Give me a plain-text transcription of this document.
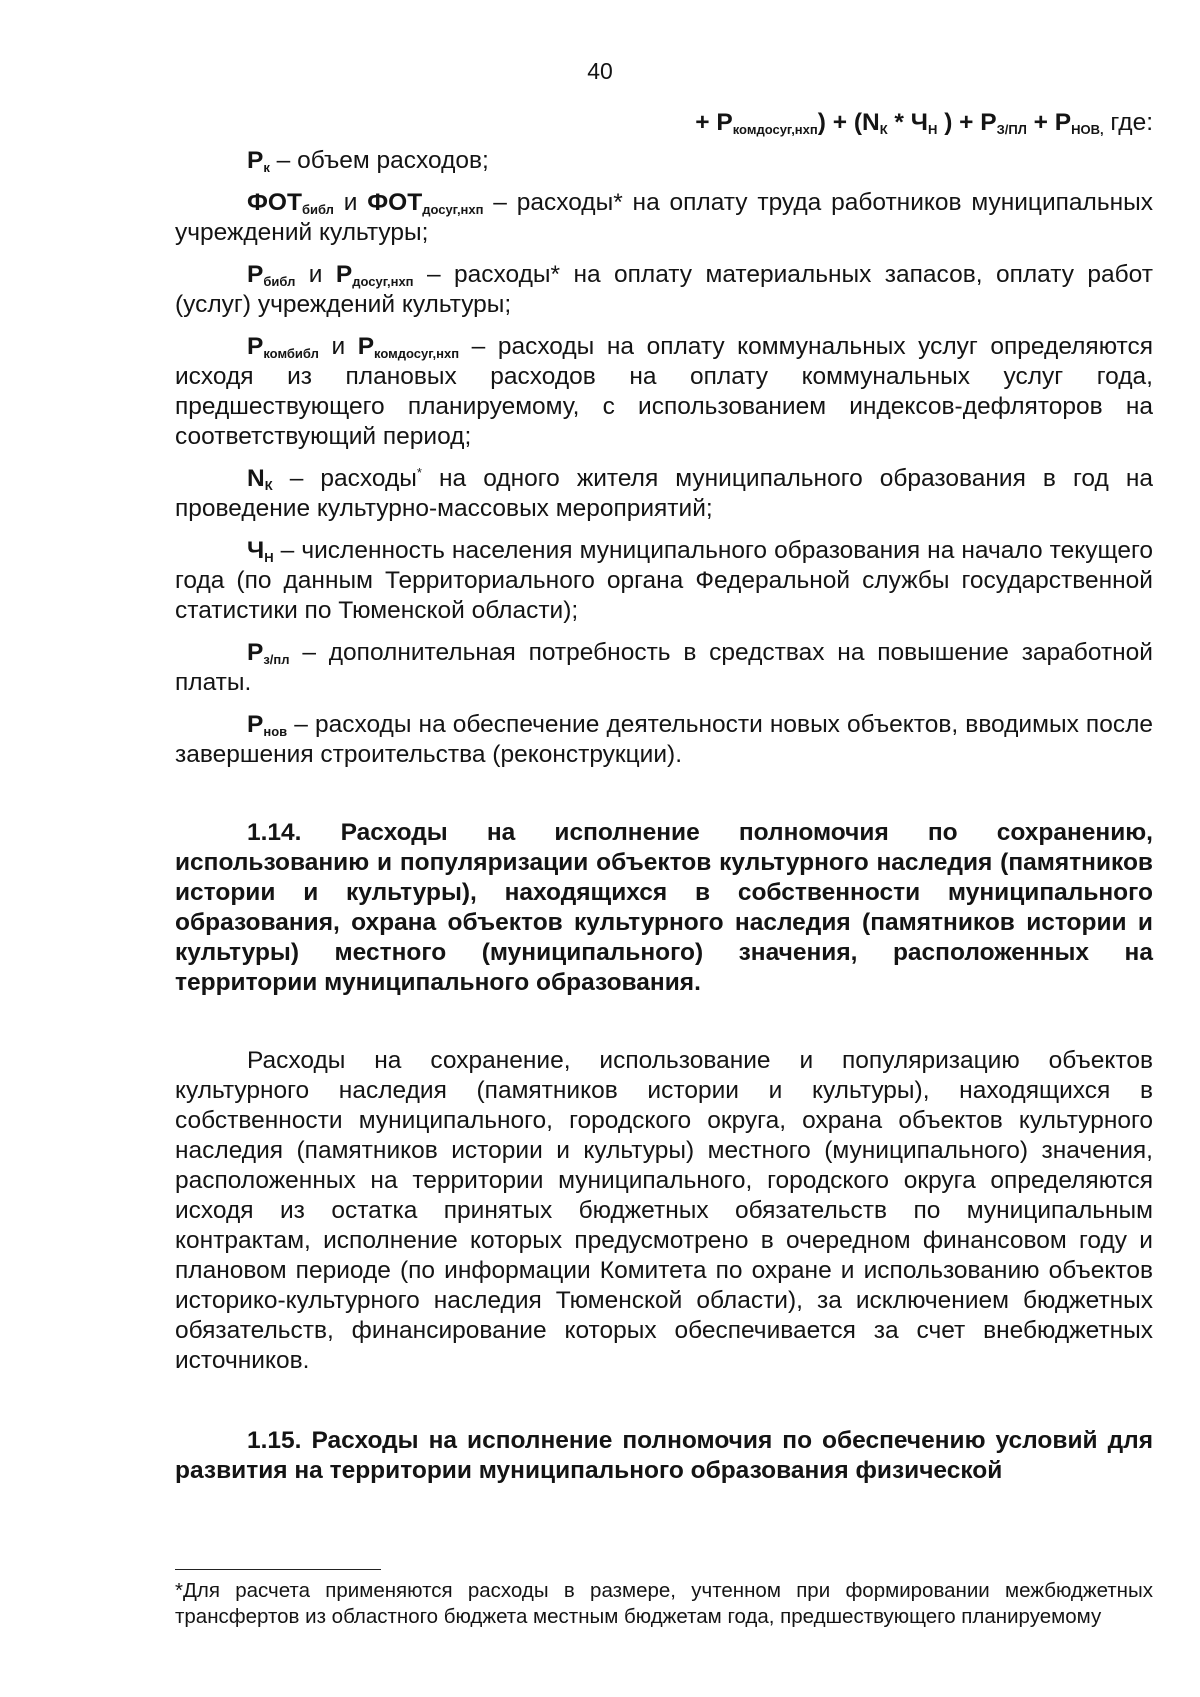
40
+ $P_{комдосуг,нхп}) + (N_К * Ч_Н$ ) + $P_{З/ПЛ} + P_{НОВ,}$ где:

$Р_к$ – объем расходов;

$ФОТ_{библ}$ и $ФОТ_{досуг,нхп}$ – расходы* на оплату труда работников муниципальных учреждений культуры;

$Р_{библ}$ и $Р_{досуг,нхп}$ – расходы* на оплату материальных запасов, оплату работ (услуг) учреждений культуры;

$Р_{комбибл}$ и $Р_{комдосуг,нхп}$ – расходы на оплату коммунальных услуг определяются исходя из плановых расходов на оплату коммунальных услуг года, предшествующего планируемому, с использованием индексов-дефляторов на соответствующий период;

$N_К$ – расходы* на одного жителя муниципального образования в год на проведение культурно-массовых мероприятий;

$Ч_Н$ – численность населения муниципального образования на начало текущего года (по данным Территориального органа Федеральной службы государственной статистики по Тюменской области);

$Р_{з/пл}$ – дополнительная потребность в средствах на повышение заработной платы.

$Р_{нов}$ – расходы на обеспечение деятельности новых объектов, вводимых после завершения строительства (реконструкции).

1.14. Расходы на исполнение полномочия по сохранению, использованию и популяризации объектов культурного наследия (памятников истории и культуры), находящихся в собственности муниципального образования, охрана объектов культурного наследия (памятников истории и культуры) местного (муниципального) значения, расположенных на территории муниципального образования.

Расходы на сохранение, использование и популяризацию объектов культурного наследия (памятников истории и культуры), находящихся в собственности муниципального, городского округа, охрана объектов культурного наследия (памятников истории и культуры) местного (муниципального) значения, расположенных на территории муниципального, городского округа определяются исходя из остатка принятых бюджетных обязательств по муниципальным контрактам, исполнение которых предусмотрено в очередном финансовом году и плановом периоде (по информации Комитета по охране и использованию объектов историко-культурного наследия Тюменской области), за исключением бюджетных обязательств, финансирование которых обеспечивается за счет внебюджетных источников.

1.15. Расходы на исполнение полномочия по обеспечению условий для развития на территории муниципального образования физической
*Для расчета применяются расходы в размере, учтенном при формировании межбюджетных трансфертов из областного бюджета местным бюджетам года, предшествующего планируемому
